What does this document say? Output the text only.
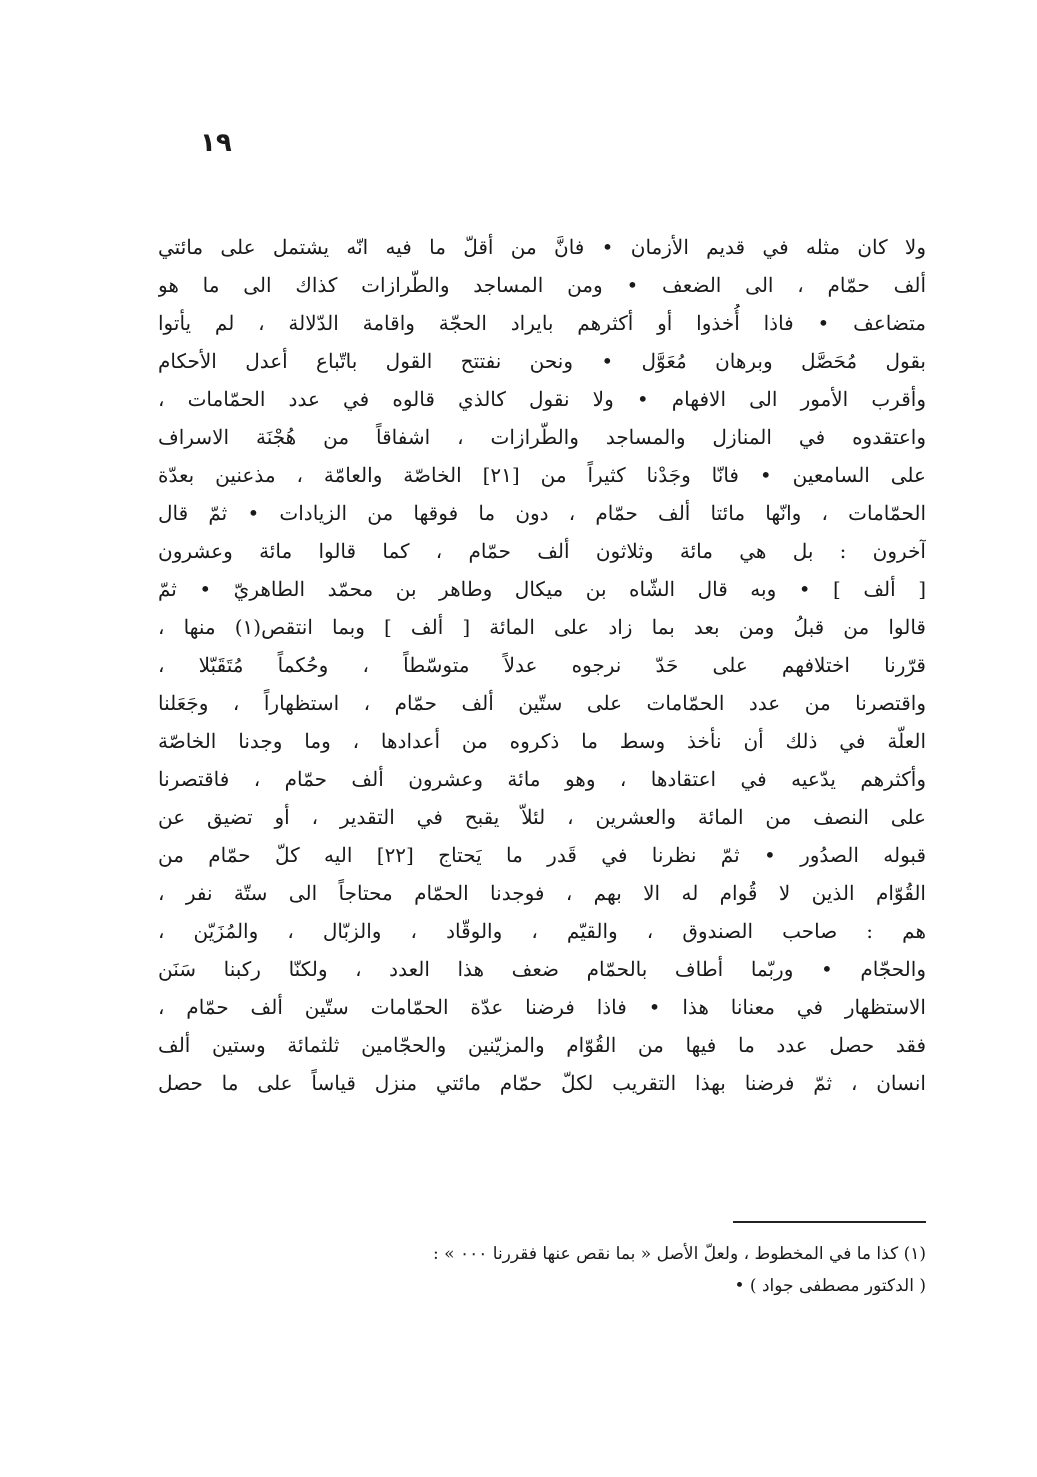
١٩
ولا كان مثله في قديم الأزمان • فانَّ من أقلّ ما فيه انّه يشتمل على مائتي
ألف حمّام ، الى الضعف • ومن المساجد والطّرازات كذاك الى ما هو
متضاعف • فاذا أُخذوا أو أكثرهم بايراد الحجّة واقامة الدّلالة ، لم يأتوا
بقول مُحَصَّل وبرهان مُعَوَّل • ونحن نفتتح القول باتّباع أعدل الأحكام
وأقرب الأمور الى الافهام • ولا نقول كالذي قالوه في عدد الحمّامات ،
واعتقدوه في المنازل والمساجد والطّرازات ، اشفاقاً من هُجْنَة الاسراف
على السامعين • فانّا وجَدْنا كثيراً من [٢١] الخاصّة والعامّة ، مذعنين بعدّة
الحمّامات ، وانّها مائتا ألف حمّام ، دون ما فوقها من الزيادات • ثمّ قال
آخرون : بل هي مائة وثلاثون ألف حمّام ، كما قالوا مائة وعشرون
[ ألف ] • وبه قال الشّاه بن ميكال وطاهر بن محمّد الطاهريّ • ثمّ
قالوا من قبلُ ومن بعد بما زاد على المائة [ ألف ] وبما انتقص(١) منها ،
قرّرنا اختلافهم على حَدّ نرجوه عدلاً متوسّطاً ، وحُكماً مُتَقَبّلا ،
واقتصرنا من عدد الحمّامات على ستّين ألف حمّام ، استظهاراً ، وجَعَلنا
العلّة في ذلك أن نأخذ وسط ما ذكروه من أعدادها ، وما وجدنا الخاصّة
وأكثرهم يدّعيه في اعتقادها ، وهو مائة وعشرون ألف حمّام ، فاقتصرنا
على النصف من المائة والعشرين ، لئلاّ يقبح في التقدير ، أو تضيق عن
قبوله الصدُور • ثمّ نظرنا في قَدر ما يَحتاج [٢٢] اليه كلّ حمّام من
القُوّام الذين لا قُوام له الا بهم ، فوجدنا الحمّام محتاجاً الى ستّة نفر ،
هم : صاحب الصندوق ، والقيّم ، والوقّاد ، والزبّال ، والمُزَيّن ،
والحجّام • وربّما أطاف بالحمّام ضعف هذا العدد ، ولكنّا ركبنا سَنَن
الاستظهار في معنانا هذا • فاذا فرضنا عدّة الحمّامات ستّين ألف حمّام ،
فقد حصل عدد ما فيها من القُوّام والمزيّنين والحجّامين ثلثمائة وستين ألف
انسان ، ثمّ فرضنا بهذا التقريب لكلّ حمّام مائتي منزل قياساً على ما حصل
(١) كذا ما في المخطوط ، ولعلّ الأصل « بما نقص عنها فقررنا ٠٠٠ » :
( الدكتور مصطفى جواد ) •
